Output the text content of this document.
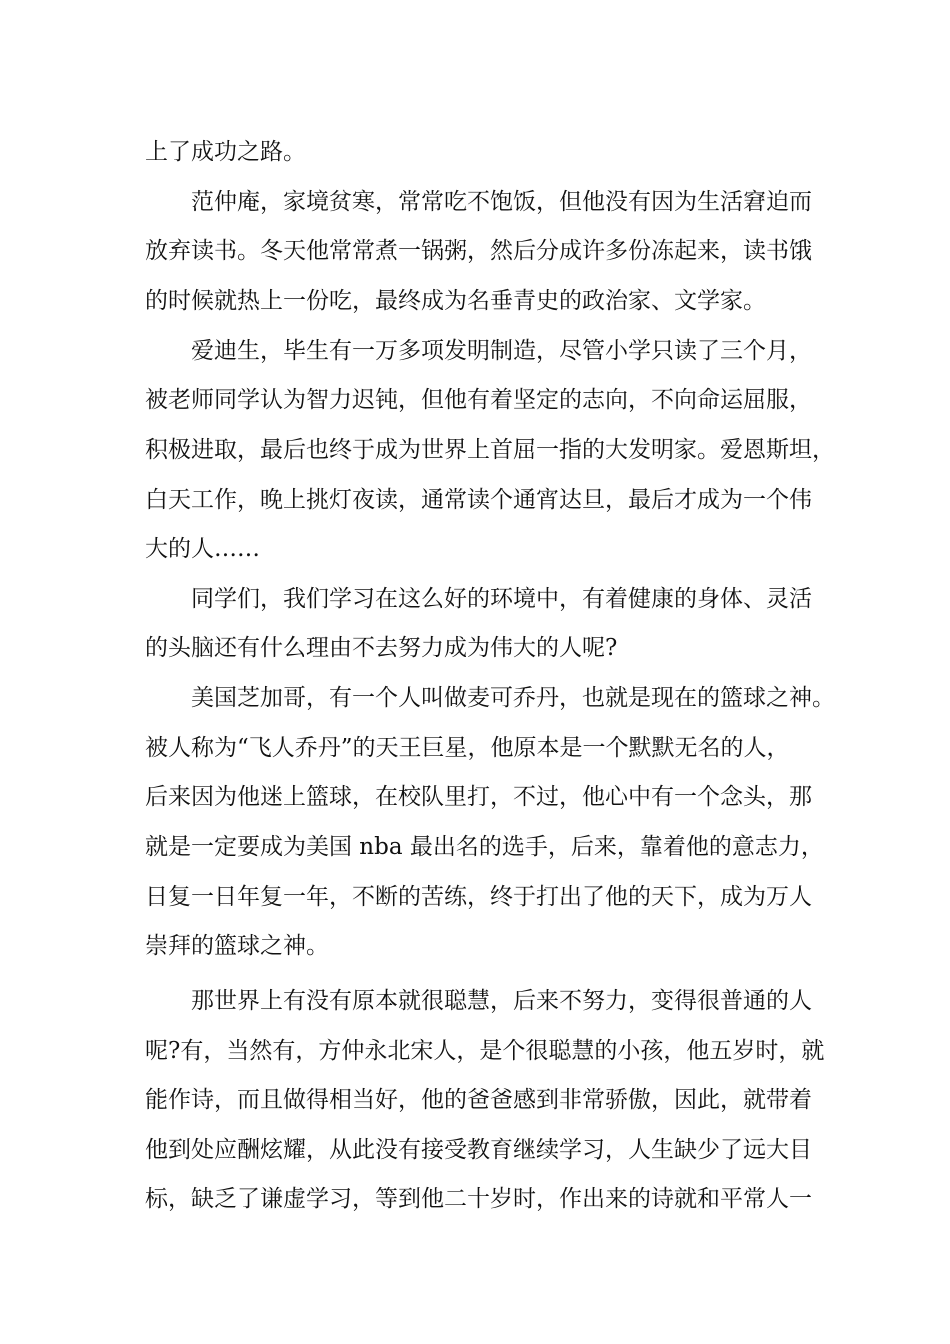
上了成功之路。
范仲庵，家境贫寒，常常吃不饱饭，但他没有因为生活窘迫而
放弃读书。冬天他常常煮一锅粥，然后分成许多份冻起来，读书饿
的时候就热上一份吃，最终成为名垂青史的政治家、文学家。
爱迪生，毕生有一万多项发明制造，尽管小学只读了三个月，
被老师同学认为智力迟钝，但他有着坚定的志向，不向命运屈服，
积极进取，最后也终于成为世界上首屈一指的大发明家。爱恩斯坦，
白天工作，晚上挑灯夜读，通常读个通宵达旦，最后才成为一个伟
大的人……
同学们，我们学习在这么好的环境中，有着健康的身体、灵活
的头脑还有什么理由不去努力成为伟大的人呢?
美国芝加哥，有一个人叫做麦可乔丹，也就是现在的篮球之神。
被人称为“飞人乔丹”的天王巨星，他原本是一个默默无名的人，
后来因为他迷上篮球，在校队里打，不过，他心中有一个念头，那
就是一定要成为美国 nba 最出名的选手，后来，靠着他的意志力，
日复一日年复一年，不断的苦练，终于打出了他的天下，成为万人
崇拜的篮球之神。
那世界上有没有原本就很聪慧，后来不努力，变得很普通的人
呢?有，当然有，方仲永北宋人，是个很聪慧的小孩，他五岁时，就
能作诗，而且做得相当好，他的爸爸感到非常骄傲，因此，就带着
他到处应酬炫耀，从此没有接受教育继续学习，人生缺少了远大目
标，缺乏了谦虚学习，等到他二十岁时，作出来的诗就和平常人一
